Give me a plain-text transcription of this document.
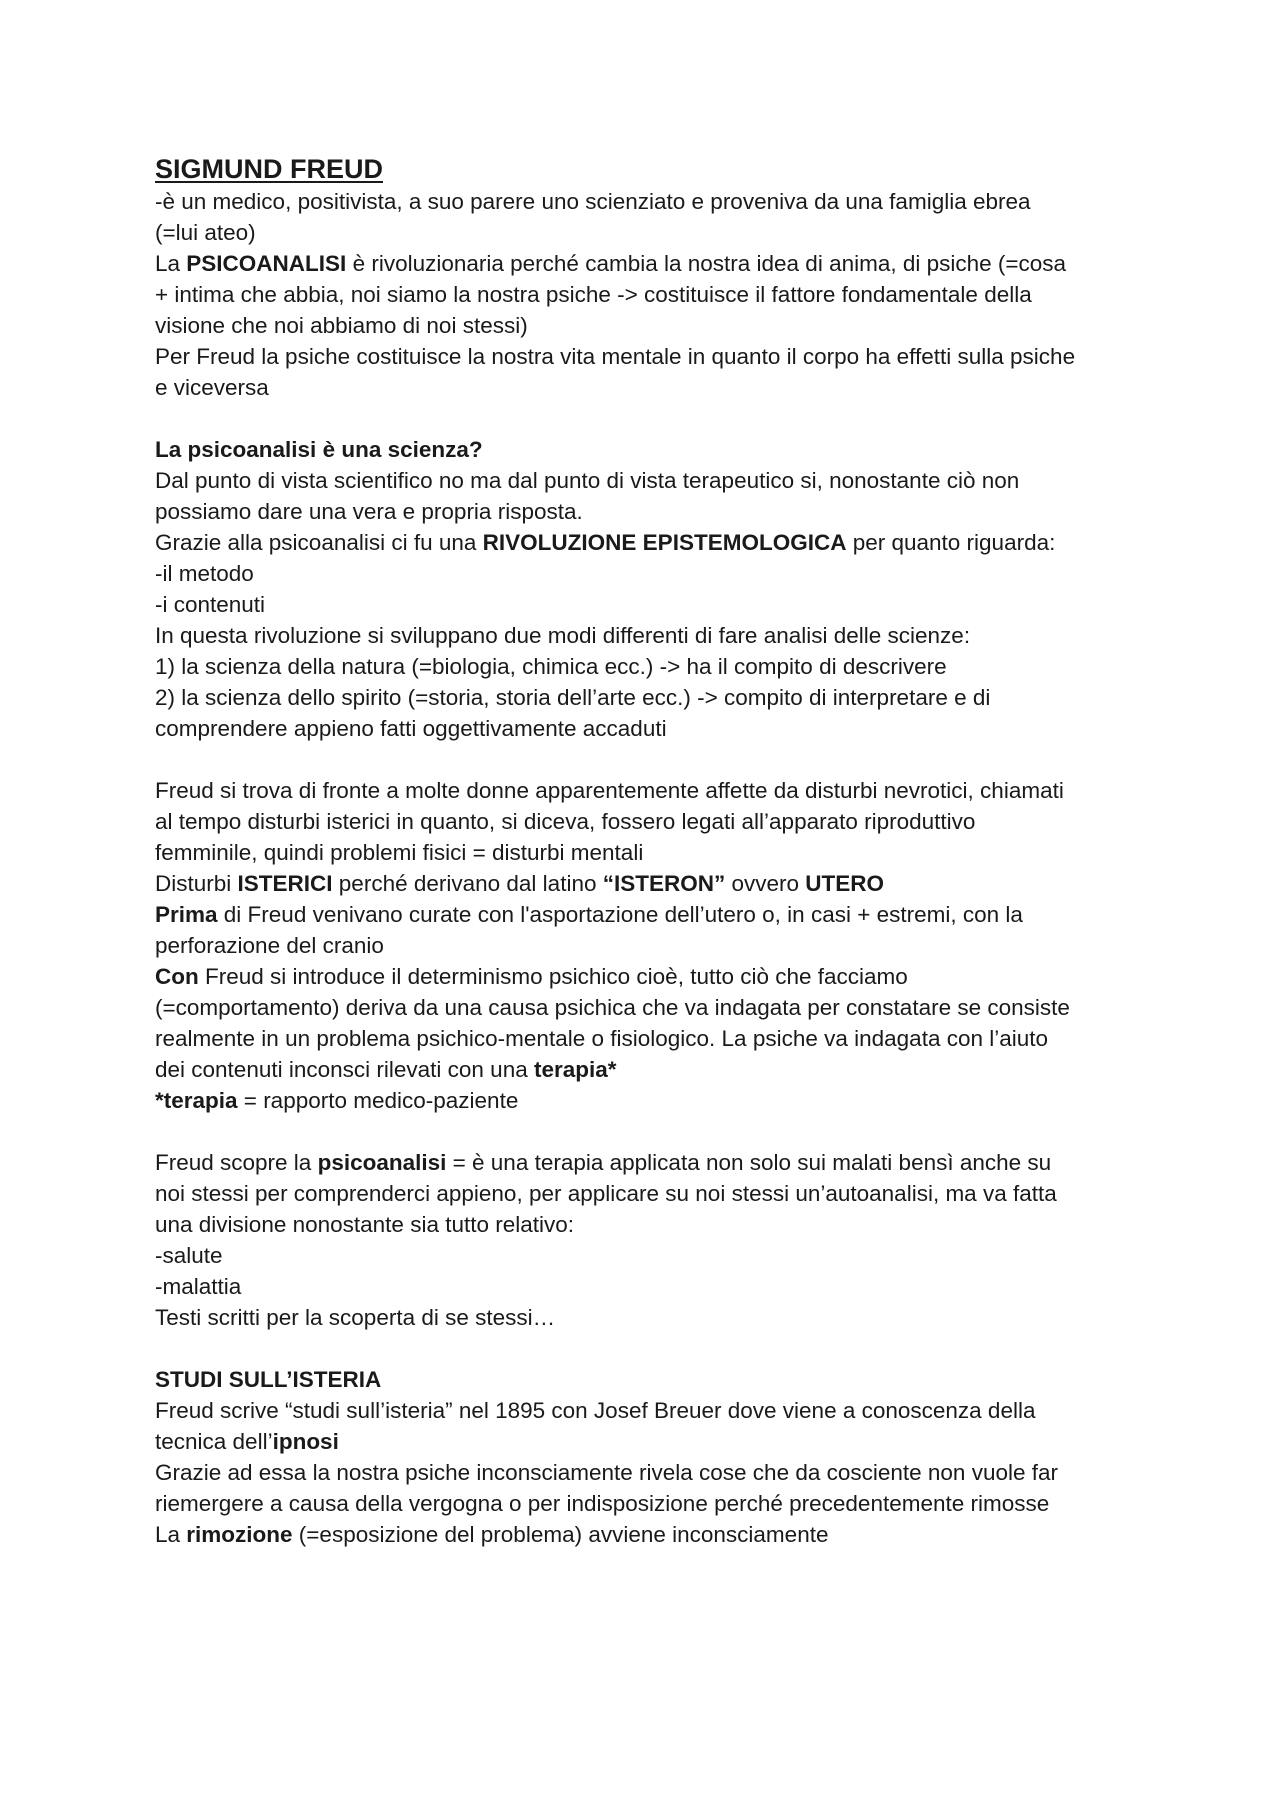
SIGMUND FREUD
-è un medico, positivista, a suo parere uno scienziato e proveniva da una famiglia ebrea
(=lui ateo)
La PSICOANALISI è rivoluzionaria perché cambia la nostra idea di anima, di psiche (=cosa
+ intima che abbia, noi siamo la nostra psiche -> costituisce il fattore fondamentale della
visione che noi abbiamo di noi stessi)
Per Freud la psiche costituisce la nostra vita mentale in quanto il corpo ha effetti sulla psiche
e viceversa
La psicoanalisi è una scienza?
Dal punto di vista scientifico no ma dal punto di vista terapeutico si, nonostante ciò non
possiamo dare una vera e propria risposta.
Grazie alla psicoanalisi ci fu una RIVOLUZIONE EPISTEMOLOGICA per quanto riguarda:
-il metodo
-i contenuti
In questa rivoluzione si sviluppano due modi differenti di fare analisi delle scienze:
1) la scienza della natura (=biologia, chimica ecc.) -> ha il compito di descrivere
2) la scienza dello spirito (=storia, storia dell’arte ecc.) -> compito di interpretare e di
comprendere appieno fatti oggettivamente accaduti
Freud si trova di fronte a molte donne apparentemente affette da disturbi nevrotici, chiamati
al tempo disturbi isterici in quanto, si diceva, fossero legati all’apparato riproduttivo
femminile, quindi problemi fisici = disturbi mentali
Disturbi ISTERICI perché derivano dal latino “ISTERON” ovvero UTERO
Prima di Freud venivano curate con l'asportazione dell’utero o, in casi + estremi, con la
perforazione del cranio
Con Freud si introduce il determinismo psichico cioè, tutto ciò che facciamo
(=comportamento) deriva da una causa psichica che va indagata per constatare se consiste
realmente in un problema psichico-mentale o fisiologico. La psiche va indagata con l’aiuto
dei contenuti inconsci rilevati con una terapia*
*terapia = rapporto medico-paziente
Freud scopre la psicoanalisi = è una terapia applicata non solo sui malati bensì anche su
noi stessi per comprenderci appieno, per applicare su noi stessi un’autoanalisi, ma va fatta
una divisione nonostante sia tutto relativo:
-salute
-malattia
Testi scritti per la scoperta di se stessi…
STUDI SULL’ISTERIA
Freud scrive “studi sull’isteria” nel 1895 con Josef Breuer dove viene a conoscenza della
tecnica dell’ipnosi
Grazie ad essa la nostra psiche inconsciamente rivela cose che da cosciente non vuole far
riemergere a causa della vergogna o per indisposizione perché precedentemente rimosse
La rimozione (=esposizione del problema) avviene inconsciamente
